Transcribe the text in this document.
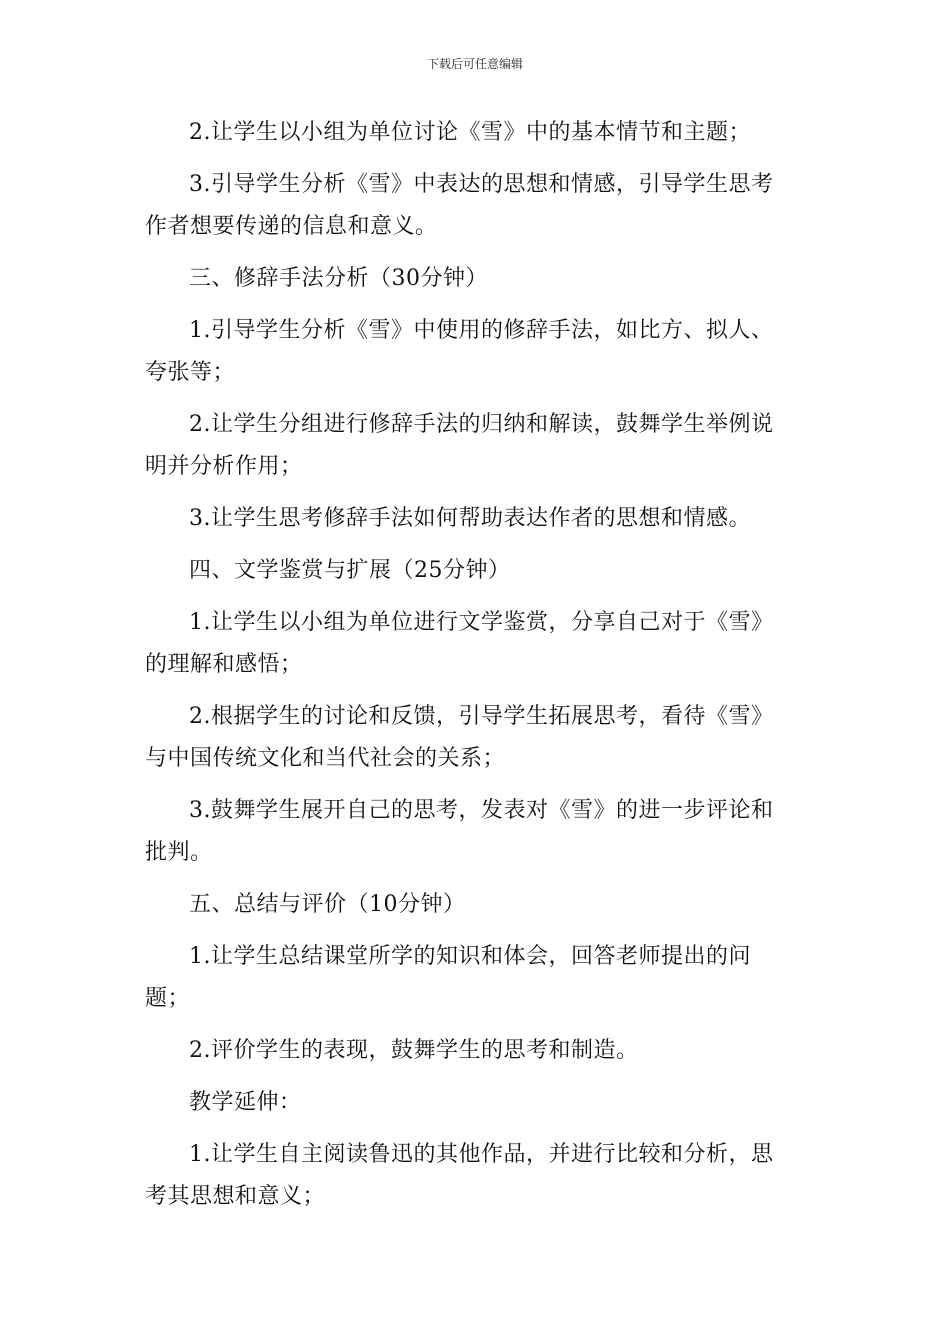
下载后可任意编辑

2.让学生以小组为单位讨论《雪》中的基本情节和主题；

3.引导学生分析《雪》中表达的思想和情感，引导学生思考作者想要传递的信息和意义。

三、修辞手法分析（30分钟）

1.引导学生分析《雪》中使用的修辞手法，如比方、拟人、夸张等；

2.让学生分组进行修辞手法的归纳和解读，鼓舞学生举例说明并分析作用；

3.让学生思考修辞手法如何帮助表达作者的思想和情感。

四、文学鉴赏与扩展（25分钟）

1.让学生以小组为单位进行文学鉴赏，分享自己对于《雪》的理解和感悟；

2.根据学生的讨论和反馈，引导学生拓展思考，看待《雪》与中国传统文化和当代社会的关系；

3.鼓舞学生展开自己的思考，发表对《雪》的进一步评论和批判。

五、总结与评价（10分钟）

1.让学生总结课堂所学的知识和体会，回答老师提出的问题；

2.评价学生的表现，鼓舞学生的思考和制造。

教学延伸：

1.让学生自主阅读鲁迅的其他作品，并进行比较和分析，思考其思想和意义；
